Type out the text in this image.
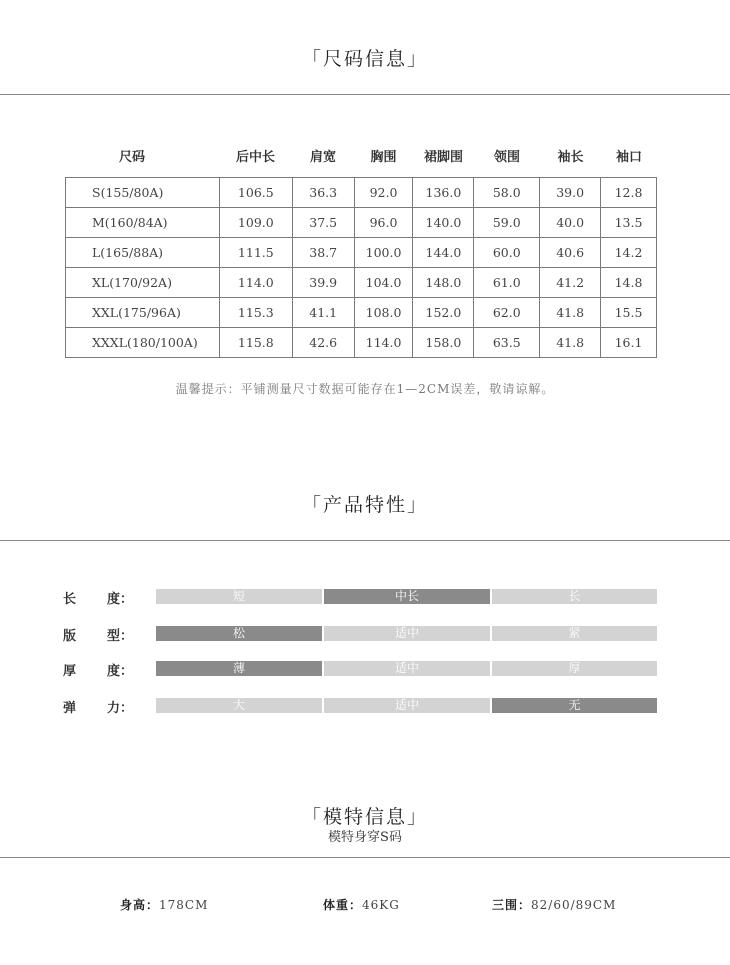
「尺码信息」
尺码	后中长	肩宽	胸围	裙脚围	领围	袖长	袖口
S(155/80A)	106.5	36.3	92.0	136.0	58.0	39.0	12.8
M(160/84A)	109.0	37.5	96.0	140.0	59.0	40.0	13.5
L(165/88A)	111.5	38.7	100.0	144.0	60.0	40.6	14.2
XL(170/92A)	114.0	39.9	104.0	148.0	61.0	41.2	14.8
XXL(175/96A)	115.3	41.1	108.0	152.0	62.0	41.8	15.5
XXXL(180/100A)	115.8	42.6	114.0	158.0	63.5	41.8	16.1
温馨提示：平铺测量尺寸数据可能存在1—2CM误差，敬请谅解。
「产品特性」
长 度：	短	中长	长
版 型：	松	适中	紧
厚 度：	薄	适中	厚
弹 力：	大	适中	无
「模特信息」
模特身穿S码
身高：178CM	体重：46KG	三围：82/60/89CM
